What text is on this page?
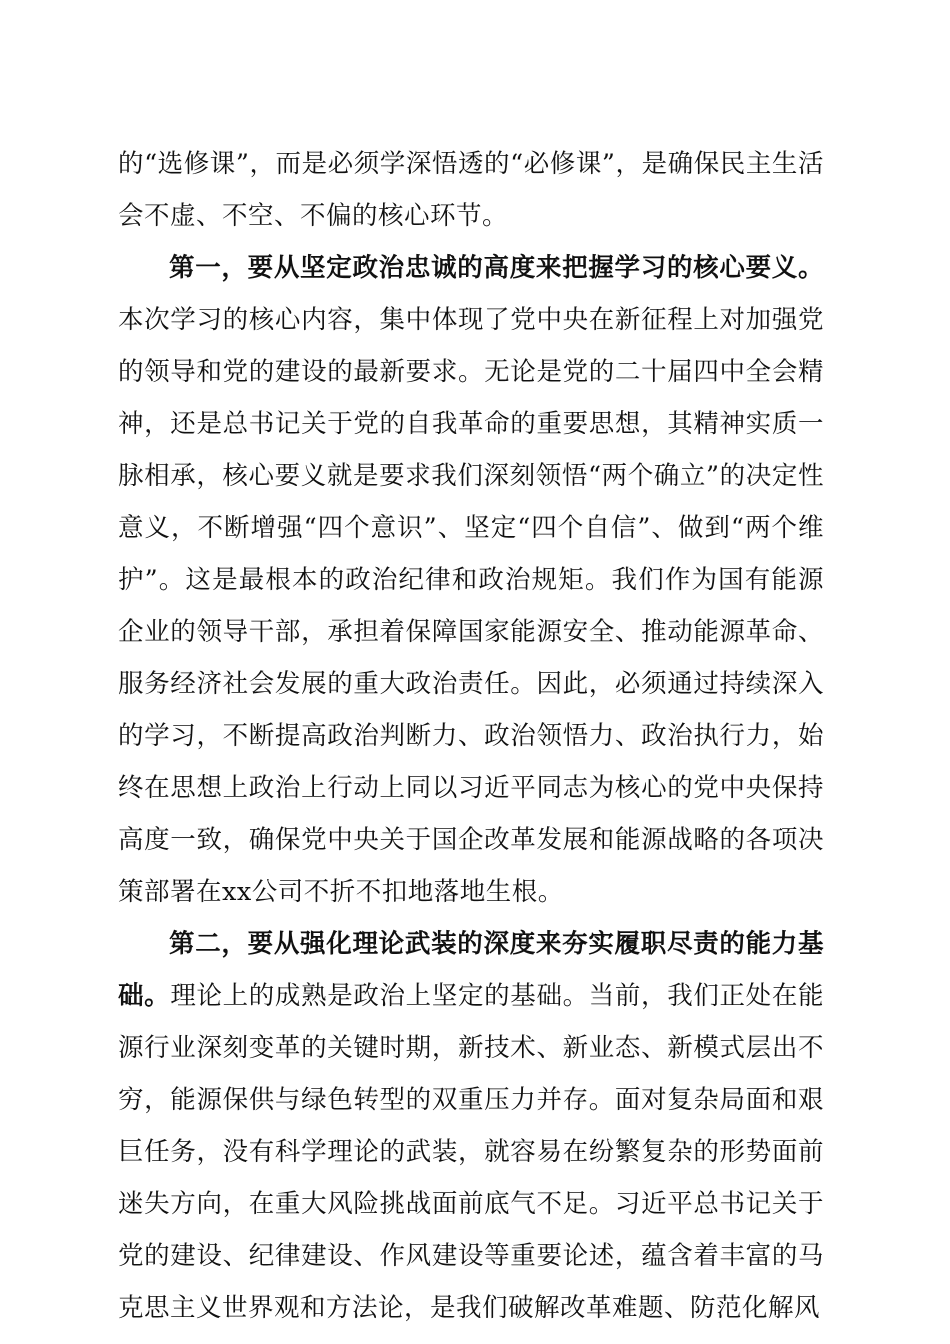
的“选修课”，而是必须学深悟透的“必修课”，是确保民主生活会不虚、不空、不偏的核心环节。

第一，要从坚定政治忠诚的高度来把握学习的核心要义。本次学习的核心内容，集中体现了党中央在新征程上对加强党的领导和党的建设的最新要求。无论是党的二十届四中全会精神，还是总书记关于党的自我革命的重要思想，其精神实质一脉相承，核心要义就是要求我们深刻领悟“两个确立”的决定性意义，不断增强“四个意识”、坚定“四个自信”、做到“两个维护”。这是最根本的政治纪律和政治规矩。我们作为国有能源企业的领导干部，承担着保障国家能源安全、推动能源革命、服务经济社会发展的重大政治责任。因此，必须通过持续深入的学习，不断提高政治判断力、政治领悟力、政治执行力，始终在思想上政治上行动上同以习近平同志为核心的党中央保持高度一致，确保党中央关于国企改革发展和能源战略的各项决策部署在xx公司不折不扣地落地生根。

第二，要从强化理论武装的深度来夯实履职尽责的能力基础。理论上的成熟是政治上坚定的基础。当前，我们正处在能源行业深刻变革的关键时期，新技术、新业态、新模式层出不穷，能源保供与绿色转型的双重压力并存。面对复杂局面和艰巨任务，没有科学理论的武装，就容易在纷繁复杂的形势面前迷失方向，在重大风险挑战面前底气不足。习近平总书记关于党的建设、纪律建设、作风建设等重要论述，蕴含着丰富的马克思主义世界观和方法论，是我们破解改革难题、防范化解风
